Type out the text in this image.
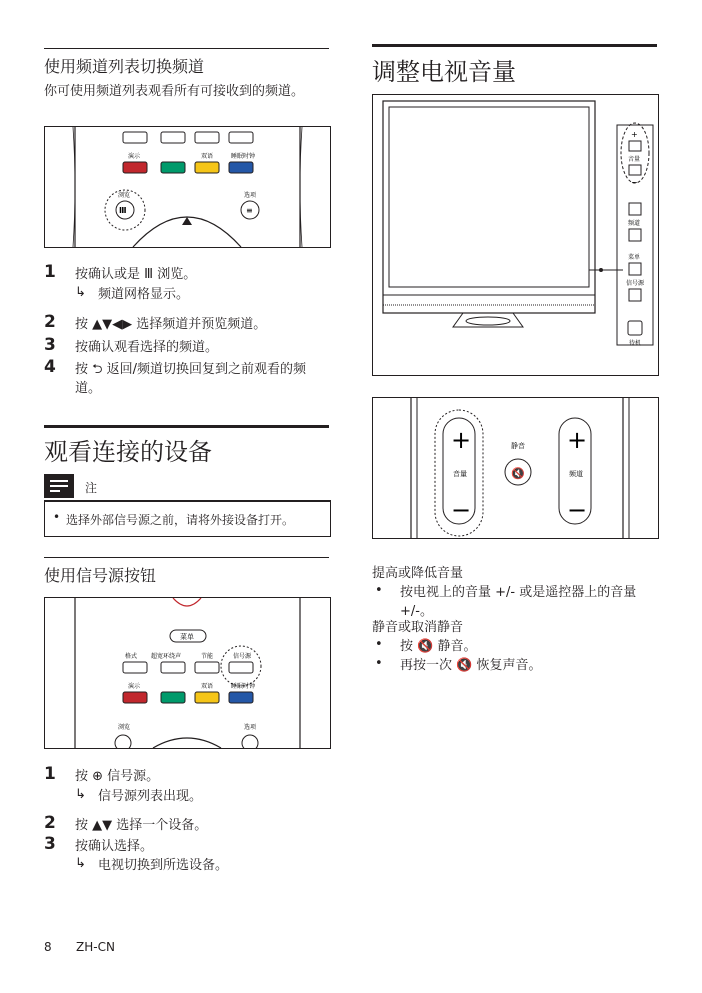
使用频道列表切换频道
你可使用频道列表观看所有可接收到的频道。
演示	双语	睡眠时钟
Ⅲ
浏览
≡
选项
1 按确认或是 Ⅲ 浏览。
↳ 频道网格显示。
2 按 ▲▼◀▶ 选择频道并预览频道。
3 按确认观看选择的频道。
4 按 ⮌ 返回/频道切换回复到之前观看的频道。
观看连接的设备
注
• 选择外部信号源之前，请将外接设备打开。
使用信号源按钮
菜单
格式 超宽环绕声	节能	信号源
演示	双语	睡眠时钟
浏览	选项
1 按 ⊕ 信号源。
↳ 信号源列表出现。
2 按 ▲▼ 选择一个设备。
3 按确认选择。
↳ 电视切换到所选设备。
调整电视音量
+
音量
−
频道
菜单
信号源
待机
+
音量
−
静音
🔇
+
频道
−
提高或降低音量
• 按电视上的音量 +/- 或是遥控器上的音量+/-。
静音或取消静音
• 按 🔇 静音。
• 再按一次 🔇 恢复声音。
8 ZH-CN
